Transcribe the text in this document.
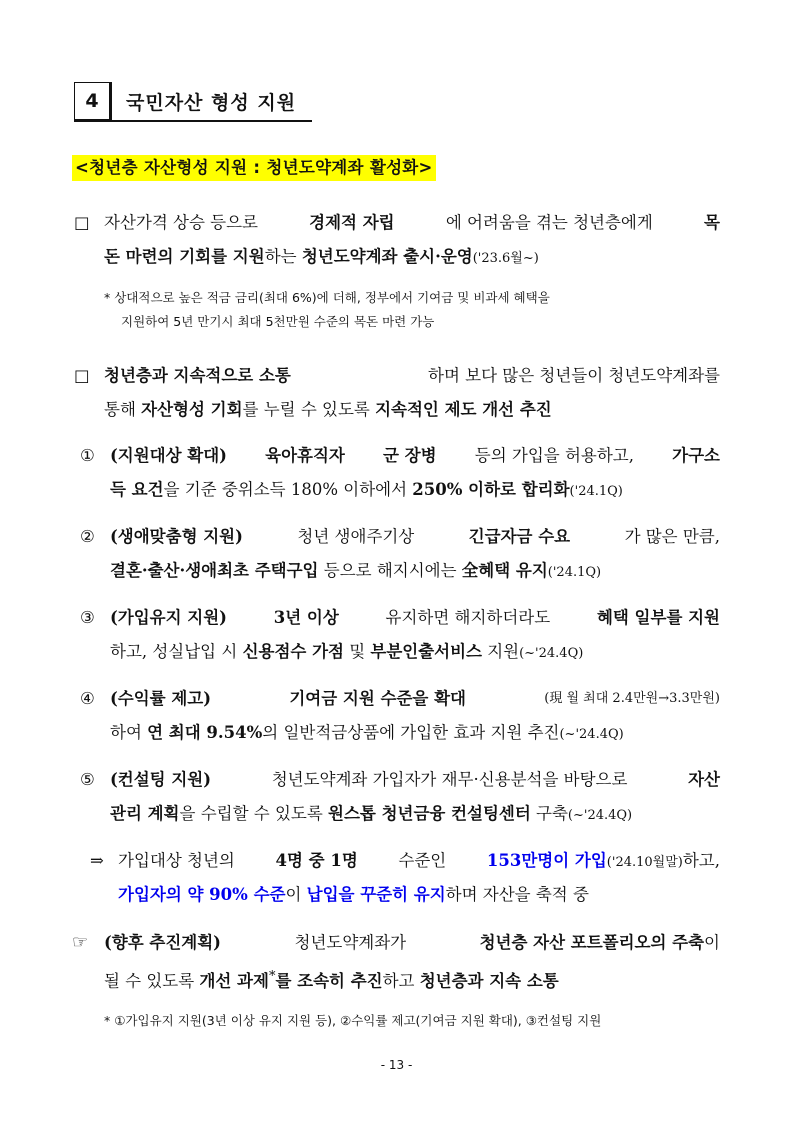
4	국민자산 형성 지원
<청년층 자산형성 지원 : 청년도약계좌 활성화>
□ 자산가격 상승 등으로	경제적 자립	에 어려움을 겪는 청년층에게	목
돈 마련의 기회를 지원하는 청년도약계좌 출시·운영('23.6월~)
* 상대적으로 높은 적금 금리(최대 6%)에 더해, 정부에서 기여금 및 비과세 혜택을
지원하여 5년 만기시 최대 5천만원 수준의 목돈 마련 가능
□ 청년층과 지속적으로 소통	하며 보다 많은 청년들이 청년도약계좌를
통해 자산형성 기회를 누릴 수 있도록 지속적인 제도 개선 추진
① (지원대상 확대) 육아휴직자 군 장병 등의 가입을 허용하고, 가구소
득 요건을 기준 중위소득 180% 이하에서 250% 이하로 합리화('24.1Q)
② (생애맞춤형 지원)	청년 생애주기상	긴급자금 수요	가 많은 만큼,
결혼·출산·생애최초 주택구입 등으로 해지시에는 全혜택 유지('24.1Q)
③ (가입유지 지원)	3년 이상	유지하면 해지하더라도	혜택 일부를 지원
하고, 성실납입 시 신용점수 가점 및 부분인출서비스 지원(~'24.4Q)
④ (수익률 제고)	기여금 지원 수준을 확대	(現 월 최대 2.4만원→3.3만원)
하여 연 최대 9.54%의 일반적금상품에 가입한 효과 지원 추진(~'24.4Q)
⑤ (컨설팅 지원)	청년도약계좌 가입자가 재무·신용분석을 바탕으로	자산
관리 계획을 수립할 수 있도록 원스톱 청년금융 컨설팅센터 구축(~'24.4Q)
⇒ 가입대상 청년의 4명 중 1명 수준인 153만명이 가입('24.10월말)하고,
가입자의 약 90% 수준이 납입을 꾸준히 유지하며 자산을 축적 중
☞ (향후 추진계획)	청년도약계좌가	청년층 자산 포트폴리오의 주축이
될 수 있도록 개선 과제*를 조속히 추진하고 청년층과 지속 소통
* ①가입유지 지원(3년 이상 유지 지원 등), ②수익률 제고(기여금 지원 확대), ③컨설팅 지원
- 13 -
